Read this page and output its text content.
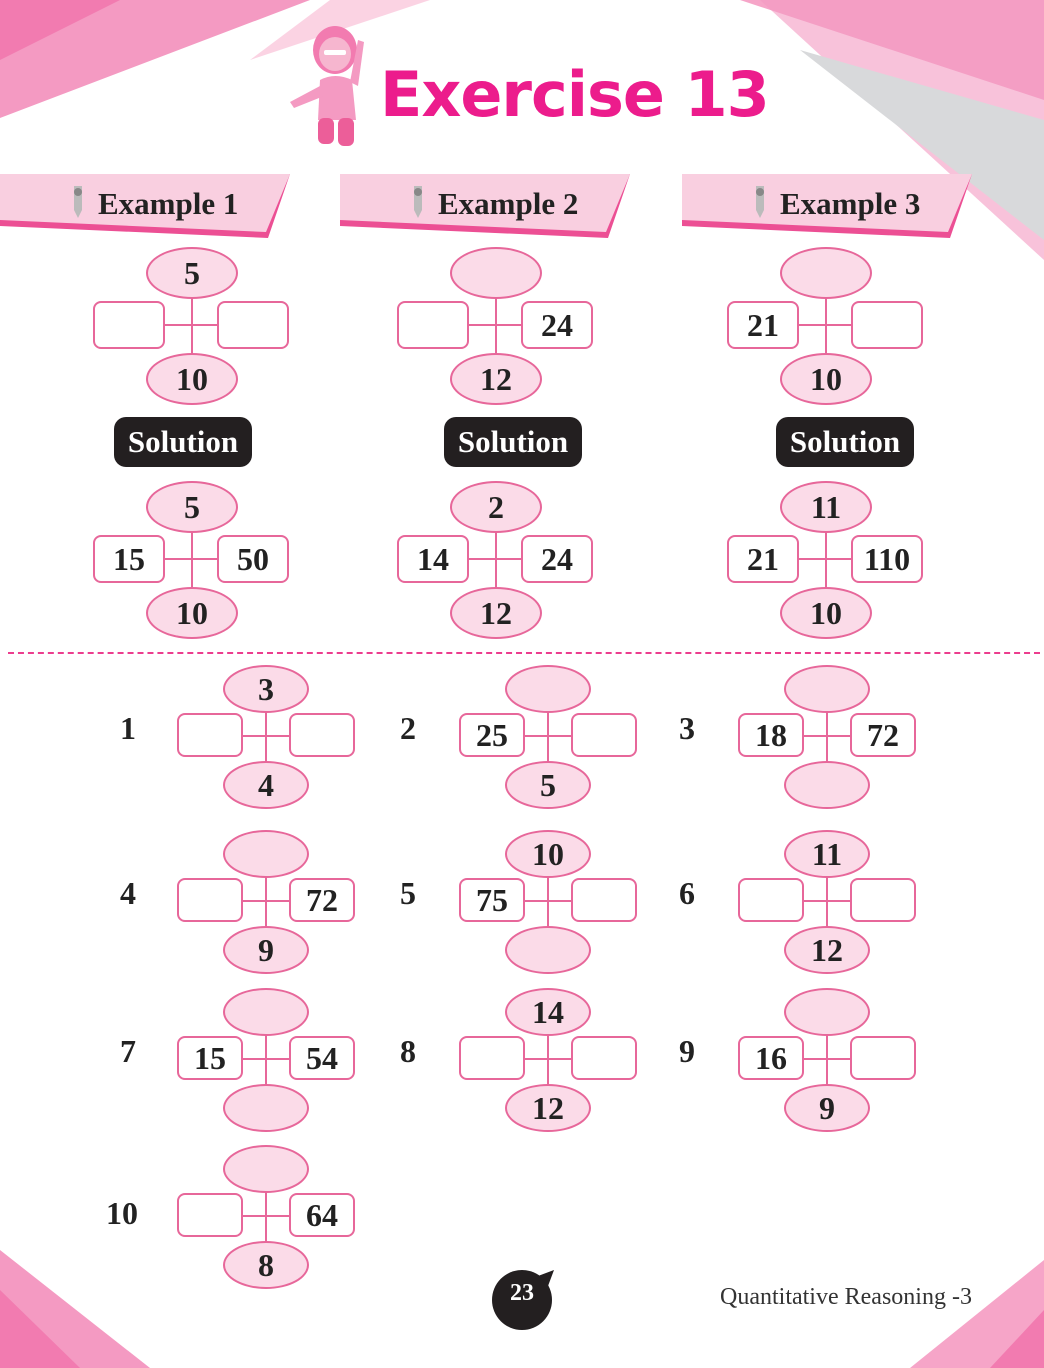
Exercise 13
Example 1	Example 2	Example 3
5
10
24
12
21
10
Solution	Solution	Solution
5
15	50
10
2
14	24
12
11
21	110
10
1
3
4
2	25
5
3	18	72
4	72
9
5
10
75	6
11
12
7	15	54	8
14
12
9	16
9
10	64
8
23	Quantitative Reasoning -3
